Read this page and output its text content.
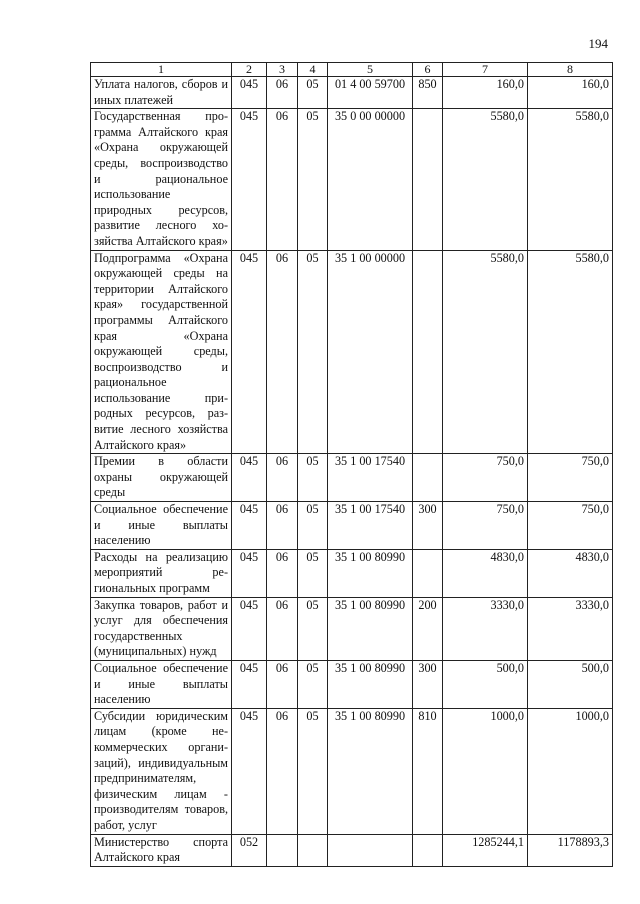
194
1	2	3	4	5	6	7	8
Уплата налогов, сборов и иных платежей	045	06	05	01 4 00 59700	850	160,0	160,0
Государственная программа Алтайского края «Охрана окружающей среды, воспроизводство и рациональное использование природных ресурсов, развитие лесного хозяйства Алтайского края»	045	06	05	35 0 00 00000		5580,0	5580,0
Подпрограмма «Охрана окружающей среды на территории Алтайского края» государственной программы Алтайского края «Охрана окружающей среды, воспроизводство и рациональное использование природных ресурсов, развитие лесного хозяйства Алтайского края»	045	06	05	35 1 00 00000		5580,0	5580,0
Премии в области охраны окружающей среды	045	06	05	35 1 00 17540		750,0	750,0
Социальное обеспечение и иные выплаты населению	045	06	05	35 1 00 17540	300	750,0	750,0
Расходы на реализацию мероприятий региональных программ	045	06	05	35 1 00 80990		4830,0	4830,0
Закупка товаров, работ и услуг для обеспечения государственных (муниципальных) нужд	045	06	05	35 1 00 80990	200	3330,0	3330,0
Социальное обеспечение и иные выплаты населению	045	06	05	35 1 00 80990	300	500,0	500,0
Субсидии юридическим лицам (кроме некоммерческих организаций), индивидуальным предпринимателям, физическим лицам - производителям товаров, работ, услуг	045	06	05	35 1 00 80990	810	1000,0	1000,0
Министерство спорта Алтайского края	052					1285244,1	1178893,3
